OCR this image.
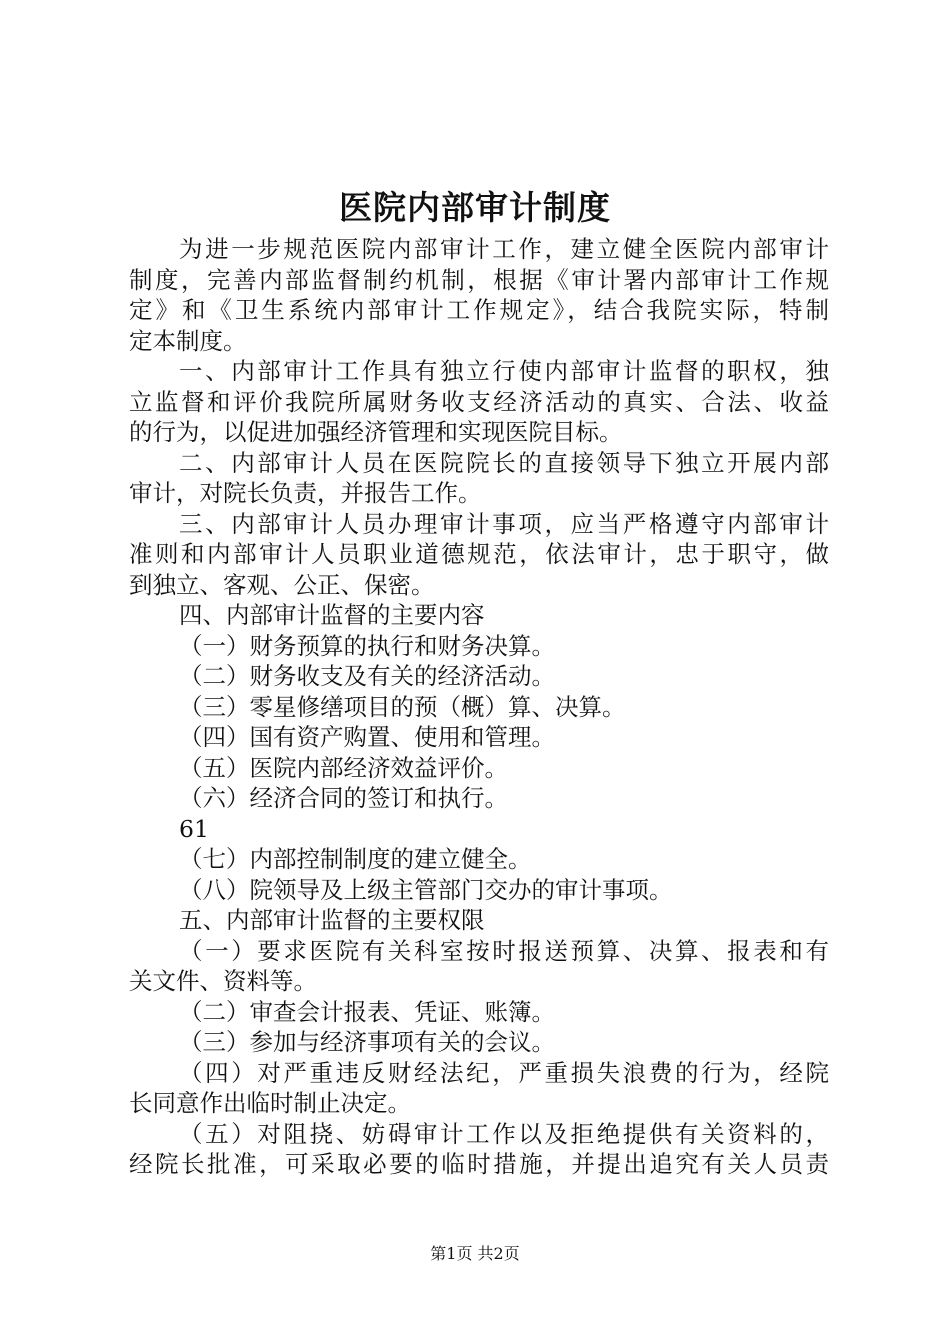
医院内部审计制度
为进一步规范医院内部审计工作，建立健全医院内部审计
制度，完善内部监督制约机制，根据《审计署内部审计工作规
定》和《卫生系统内部审计工作规定》，结合我院实际，特制
定本制度。
一、内部审计工作具有独立行使内部审计监督的职权，独
立监督和评价我院所属财务收支经济活动的真实、合法、收益
的行为，以促进加强经济管理和实现医院目标。
二、内部审计人员在医院院长的直接领导下独立开展内部
审计，对院长负责，并报告工作。
三、内部审计人员办理审计事项，应当严格遵守内部审计
准则和内部审计人员职业道德规范，依法审计，忠于职守，做
到独立、客观、公正、保密。
四、内部审计监督的主要内容
（一）财务预算的执行和财务决算。
（二）财务收支及有关的经济活动。
（三）零星修缮项目的预（概）算、决算。
（四）国有资产购置、使用和管理。
（五）医院内部经济效益评价。
（六）经济合同的签订和执行。
61
（七）内部控制制度的建立健全。
（八）院领导及上级主管部门交办的审计事项。
五、内部审计监督的主要权限
（一）要求医院有关科室按时报送预算、决算、报表和有
关文件、资料等。
（二）审查会计报表、凭证、账簿。
（三）参加与经济事项有关的会议。
（四）对严重违反财经法纪，严重损失浪费的行为，经院
长同意作出临时制止决定。
（五）对阻挠、妨碍审计工作以及拒绝提供有关资料的，
经院长批准，可采取必要的临时措施，并提出追究有关人员责
第1页 共2页
